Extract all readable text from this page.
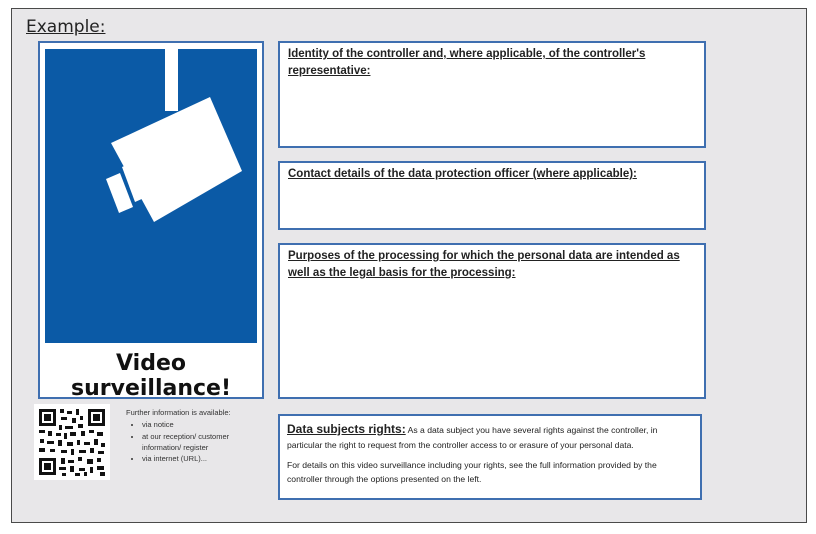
Example:
Video surveillance!
Identity of the controller and, where applicable, of the controller's representative:
Contact details of the data protection officer (where applicable):
Purposes of the processing for which the personal data are intended as well as the legal basis for the processing:
Further information is available:
• via notice
• at our reception/ customer information/ register
• via internet (URL)...

Data subjects rights: As a data subject you have several rights against the controller, in particular the right to request from the controller access to or erasure of your personal data.

For details on this video surveillance including your rights, see the full information provided by the controller through the options presented on the left.
